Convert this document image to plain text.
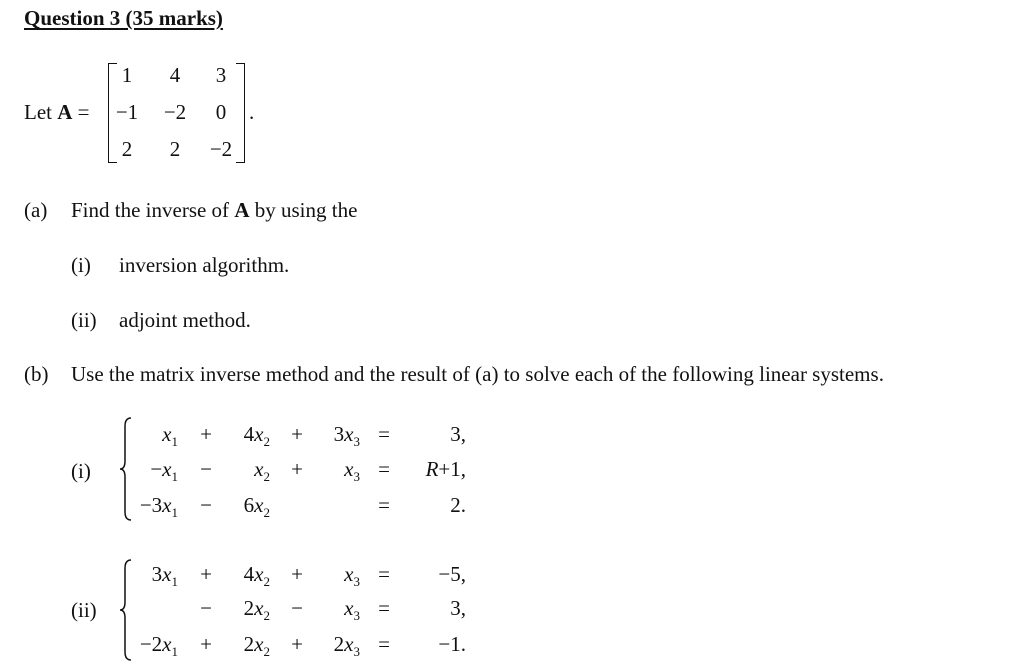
Question 3 (35 marks)
Let A =	.
1	4	3
−1	−2	0
2	2	−2
(a) Find the inverse of A by using the
(i) inversion algorithm.
(ii) adjoint method.
(b) Use the matrix inverse method and the result of (a) to solve each of the following linear systems.
(i)
$x_1$ +	$4x_2$ +	$3x_3$ =	3,
$-x_1$ −	$x_2$ +	$x_3$ =	R+1,
$-3x_1$ −	$6x_2$	=	2.
(ii)
$3x_1$ +	$4x_2$ +	$x_3$ =	−5,
−	$2x_2$ −	$x_3$ =	3,
$-2x_1$ +	$2x_2$ +	$2x_3$ =	−1.
